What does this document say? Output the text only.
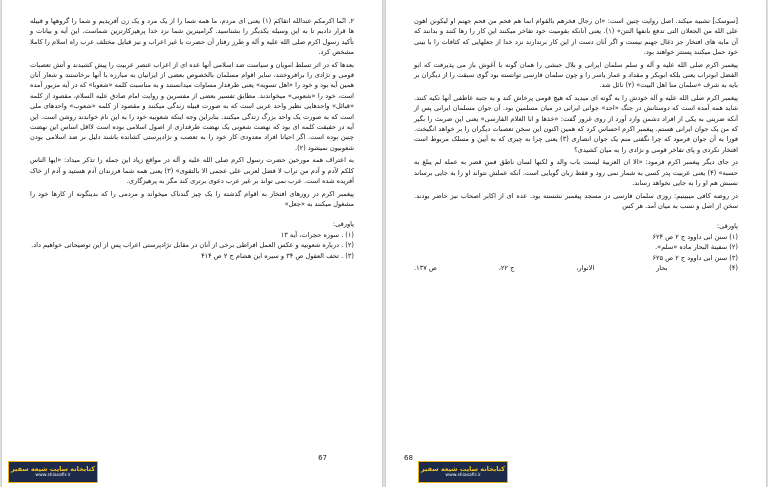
۲. انّما اکرمکم عندالله اتقاکم (۱) یعنی ای مردم، ما همه شما را از یک مرد و یک زن آفریدیم و شما را گروهها و قبیله ها قرار دادیم تا به این وسیله یکدیگر را بشناسید. گرامیترین شما نزد خدا پرهیزکارترین شماست. این آیه و بیانات و تأکید رسول اکرم صلی الله علیه و آله و طرز رفتار آن حضرت با غیر اعراب و نیز قبایل مختلف عرب راه اسلام را کاملا مشخص کرد.

بعدها که در اثر تسلط امویان و سیاست ضد اسلامی آنها عده ای از اعراب عنصر عربیت را پیش کشیدند و آتش تعصبات قومی و نژادی را برافروختند، سایر اقوام مسلمان بالخصوص بعضی از ایرانیان به مبارزه با آنها برخاستند و شعار آنان همین آیه بود و خود را «اهل تسویه» یعنی طرفدار مساوات میدانستند و به مناسبت کلمه «شعوبا» که در آیه مزبور آمده است، خود را «شعوبی» میخواندند. مطابق تفسیر بعضی از مفسرین و روایت امام صادق علیه السلام، مقصود از کلمه «قبائل» واحدهایی نظیر واحد عربی است که به صورت قبیله زندگی میکنند و مقصود از کلمه «شعوب» واحدهای ملی است که به صورت یک واحد بزرگ زندگی میکنند. بنابراین وجه اینکه شعوبیه خود را به این نام خواندند روشن است. این آیه در حقیقت کلمه ای بود که نهضت شعوبی یک نهضت طرفداری از اصول اسلامی بوده است لااقل اساس این نهضت چنین بوده است. اگر احیانا افراد معدودی کار خود را به تعصب و نژادپرستی کشانده باشند دلیل بر ضد اسلامی بودن شعوبیون نمیشود (۲).

به اعتراف همه مورخین حضرت رسول اکرم صلی الله علیه و آله در مواقع زیاد این جمله را تذکر میداد: «ایها الناس کلکم لآدم و آدم من تراب لا فضل لعربی علی عجمی الا بالتقوی» (۳) یعنی همه شما فرزندان آدم هستید و آدم از خاک آفریده شده است. عرب نمی تواند بر غیر عرب دعوی برتری کند مگر به پرهیزگاری.

پیغمبر اکرم در روزهای افتخار به اقوام گذشته را یک چیز گندناک میخواند و مردمی را که بدینگونه از کارها خود را مشغول میکنند به «جعل»

پاورقی:

(۱) . سوره حجرات، آیه ۱۳

(۲) . درباره شعوبیه و عکس العمل افراطی برخی از آنان در مقابل نژادپرستی اعراب پس از این توضیحاتی خواهیم داد.

(۳) . تحف العقول ص ۳۴ و سیره ابن هشام ج ۲ ص ۴۱۴

67
کتابخانه سایت شیعه سفیر
www.shiasafir.ir

[سوسک] تشبیه میکند. اصل روایت چنین است: «ان رجال فخرهم بالقوام انما هم فحم من فحم جهنم او لیکونن اهون علی الله من الجعلان التی تدفع بانفها النتن» (۱). یعنی آنانکه بقومیت خود تفاخر میکنند این کار را رها کنند و بدانند که آن مایه های افتخار جز ذغال جهنم نیست و اگر آنان دست از این کار برندارند نزد خدا از جعلهایی که کثافات را با بینی خود حمل میکنند پستتر خواهند بود.

پیغمبر اکرم صلی الله علیه و آله و سلم سلمان ایرانی و بلال حبشی را همان گونه با آغوش باز می پذیرفت که ابو الفضل ابوتراب یعنی بلکه ابوبکر و مقداد و عمار یاسر را و چون سلمان فارسی توانسته بود گوی سبقت را از دیگران بر بایه به شرف «سلمان منا اهل البیت» (۲) نائل شد.

پیغمبر اکرم صلی الله علیه و آله خودش را به گونه ای میدید که هیچ قومی پرخاش کند و به جنبه عاطفی آنها تکیه کنند. شاید همه آمده است که دوستانش در جنگ «احد» جوانی ایرانی در میان مسلمین بود. آن جوان مسلمان ایرانی پس از آنکه ضربتی به یکی از افراد دشمن وارد آورد از روی غرور گفت: «خذها و انا الغلام الفارسی» یعنی این ضربت را بگیر که من یک جوان ایرانی هستم. پیغمبر اکرم احساس کرد که همین اکنون این سخن تعصبات دیگران را بر خواهد انگیخت. فورا به آن جوان فرمود که چرا نگفتی منم یک جوان انصاری (۳) یعنی چرا به چیزی که به آیین و مسلک مربوط است افتخار نکردی و پای تفاخر قومی و نژادی را به میان کشیدی؟

در جای دیگر پیغمبر اکرم فرمود: «الا ان العربیة لیست باب والد و لکنها لسان ناطق فمن قصر به عمله لم یبلغ به حسبه» (۴) یعنی عربیت پدر کسی به شمار نمی رود و فقط زبان گویایی است. آنکه عملش نتواند او را به جایی برساند نسبش هم او را به جایی نخواهد رساند.

در روضه کافی میبینیم: روزی سلمان فارسی در مسجد پیغمبر نشسته بود. عده ای از اکابر اصحاب نیز حاضر بودند. سخن از اصل و نسب به میان آمد. هر کس

پاورقی:

(۱) سنن ابی داوود ج ۲ ص ۶۲۴

(۲) سفینة البحار ماده «سلم».

(۳) سنن ابی داوود ج ۲ ص ۶۲۵

(۴)
بحار
الانوار،
ج ۲۲،
ص ۱۳۷.
68
کتابخانه سایت شیعه سفیر
www.shiasafir.ir
